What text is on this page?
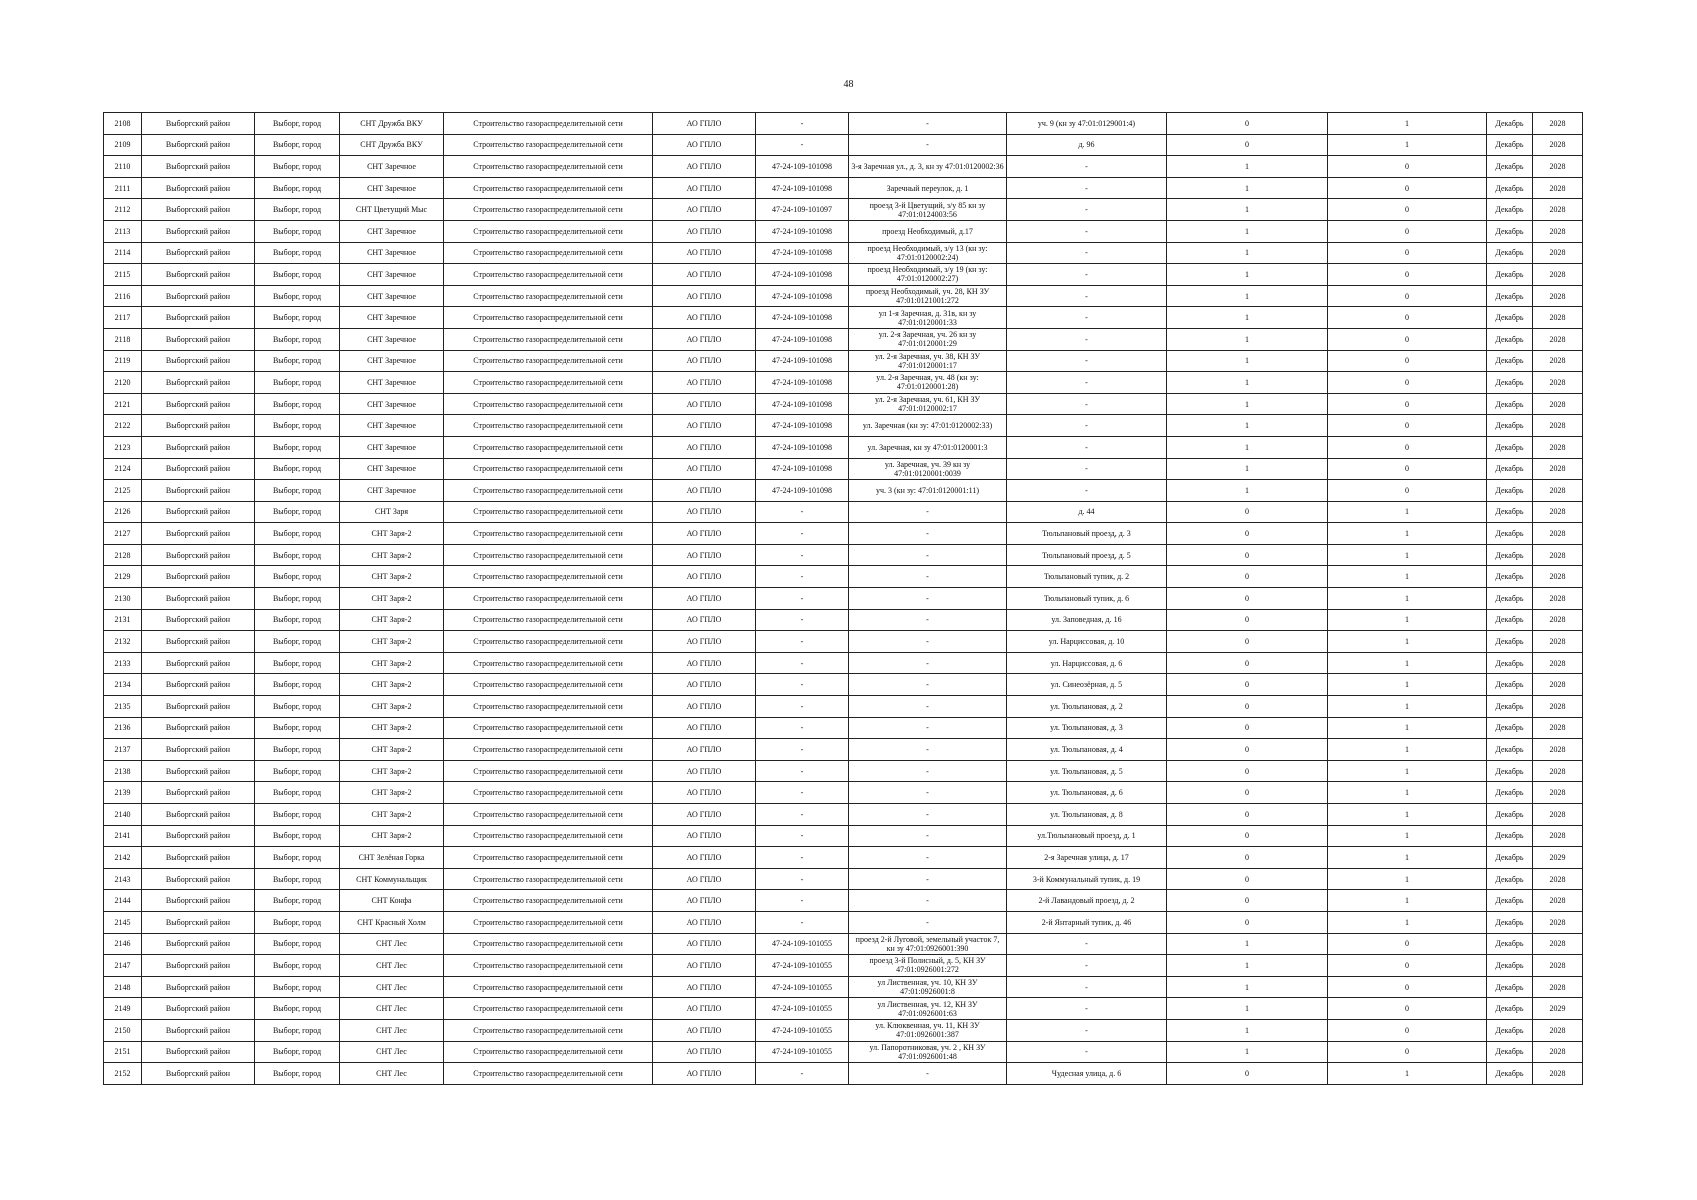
48
2108	Выборгский район	Выборг, город	СНТ Дружба ВКУ	Строительство газораспределительной сети	АО ГПЛО	-	-	уч. 9 (кн зу 47:01:0129001:4)	0	1	Декабрь	2028
2109	Выборгский район	Выборг, город	СНТ Дружба ВКУ	Строительство газораспределительной сети	АО ГПЛО	-	-	д. 96	0	1	Декабрь	2028
2110	Выборгский район	Выборг, город	СНТ Заречное	Строительство газораспределительной сети	АО ГПЛО	47-24-109-101098	3-я Заречная ул., д. 3, кн зу 47:01:0120002:36	-	1	0	Декабрь	2028
2111	Выборгский район	Выборг, город	СНТ Заречное	Строительство газораспределительной сети	АО ГПЛО	47-24-109-101098	Заречный переулок, д. 1	-	1	0	Декабрь	2028
2112	Выборгский район	Выборг, город	СНТ Цветущий Мыс	Строительство газораспределительной сети	АО ГПЛО	47-24-109-101097	проезд 3-й Цветущий, з/у 85 кн зу 47:01:0124003:56	-	1	0	Декабрь	2028
2113	Выборгский район	Выборг, город	СНТ Заречное	Строительство газораспределительной сети	АО ГПЛО	47-24-109-101098	проезд Необходимый, д.17	-	1	0	Декабрь	2028
2114	Выборгский район	Выборг, город	СНТ Заречное	Строительство газораспределительной сети	АО ГПЛО	47-24-109-101098	проезд Необходимый, з/у 13 (кн зу: 47:01:0120002:24)	-	1	0	Декабрь	2028
2115	Выборгский район	Выборг, город	СНТ Заречное	Строительство газораспределительной сети	АО ГПЛО	47-24-109-101098	проезд Необходимый, з/у 19 (кн зу: 47:01:0120002:27)	-	1	0	Декабрь	2028
2116	Выборгский район	Выборг, город	СНТ Заречное	Строительство газораспределительной сети	АО ГПЛО	47-24-109-101098	проезд Необходимый, уч. 28, КН ЗУ 47:01:0121001:272	-	1	0	Декабрь	2028
2117	Выборгский район	Выборг, город	СНТ Заречное	Строительство газораспределительной сети	АО ГПЛО	47-24-109-101098	ул 1-я Заречная, д. 31в, кн зу 47:01:0120001:33	-	1	0	Декабрь	2028
2118	Выборгский район	Выборг, город	СНТ Заречное	Строительство газораспределительной сети	АО ГПЛО	47-24-109-101098	ул. 2-я Заречная, уч. 26 кн зу 47:01:0120001:29	-	1	0	Декабрь	2028
2119	Выборгский район	Выборг, город	СНТ Заречное	Строительство газораспределительной сети	АО ГПЛО	47-24-109-101098	ул. 2-я Заречная, уч. 38, КН ЗУ 47:01:0120001:17	-	1	0	Декабрь	2028
2120	Выборгский район	Выборг, город	СНТ Заречное	Строительство газораспределительной сети	АО ГПЛО	47-24-109-101098	ул. 2-я Заречная, уч. 48 (кн зу: 47:01:0120001:28)	-	1	0	Декабрь	2028
2121	Выборгский район	Выборг, город	СНТ Заречное	Строительство газораспределительной сети	АО ГПЛО	47-24-109-101098	ул. 2-я Заречная, уч. 61, КН ЗУ 47:01:0120002:17	-	1	0	Декабрь	2028
2122	Выборгский район	Выборг, город	СНТ Заречное	Строительство газораспределительной сети	АО ГПЛО	47-24-109-101098	ул. Заречная (кн зу: 47:01:0120002:33)	-	1	0	Декабрь	2028
2123	Выборгский район	Выборг, город	СНТ Заречное	Строительство газораспределительной сети	АО ГПЛО	47-24-109-101098	ул. Заречная, кн зу 47:01:0120001:3	-	1	0	Декабрь	2028
2124	Выборгский район	Выборг, город	СНТ Заречное	Строительство газораспределительной сети	АО ГПЛО	47-24-109-101098	ул. Заречная, уч. 39 кн зу 47:01:0120001:0039	-	1	0	Декабрь	2028
2125	Выборгский район	Выборг, город	СНТ Заречное	Строительство газораспределительной сети	АО ГПЛО	47-24-109-101098	уч. 3 (кн зу: 47:01:0120001:11)	-	1	0	Декабрь	2028
2126	Выборгский район	Выборг, город	СНТ Заря	Строительство газораспределительной сети	АО ГПЛО	-	-	д. 44	0	1	Декабрь	2028
2127	Выборгский район	Выборг, город	СНТ Заря-2	Строительство газораспределительной сети	АО ГПЛО	-	-	Тюльпановый проезд, д. 3	0	1	Декабрь	2028
2128	Выборгский район	Выборг, город	СНТ Заря-2	Строительство газораспределительной сети	АО ГПЛО	-	-	Тюльпановый проезд, д. 5	0	1	Декабрь	2028
2129	Выборгский район	Выборг, город	СНТ Заря-2	Строительство газораспределительной сети	АО ГПЛО	-	-	Тюльпановый тупик, д. 2	0	1	Декабрь	2028
2130	Выборгский район	Выборг, город	СНТ Заря-2	Строительство газораспределительной сети	АО ГПЛО	-	-	Тюльпановый тупик, д. 6	0	1	Декабрь	2028
2131	Выборгский район	Выборг, город	СНТ Заря-2	Строительство газораспределительной сети	АО ГПЛО	-	-	ул. Заповедная, д. 16	0	1	Декабрь	2028
2132	Выборгский район	Выборг, город	СНТ Заря-2	Строительство газораспределительной сети	АО ГПЛО	-	-	ул. Нарциссовая, д. 10	0	1	Декабрь	2028
2133	Выборгский район	Выборг, город	СНТ Заря-2	Строительство газораспределительной сети	АО ГПЛО	-	-	ул. Нарциссовая, д. 6	0	1	Декабрь	2028
2134	Выборгский район	Выборг, город	СНТ Заря-2	Строительство газораспределительной сети	АО ГПЛО	-	-	ул. Синеозёрная, д. 5	0	1	Декабрь	2028
2135	Выборгский район	Выборг, город	СНТ Заря-2	Строительство газораспределительной сети	АО ГПЛО	-	-	ул. Тюльпановая, д. 2	0	1	Декабрь	2028
2136	Выборгский район	Выборг, город	СНТ Заря-2	Строительство газораспределительной сети	АО ГПЛО	-	-	ул. Тюльпановая, д. 3	0	1	Декабрь	2028
2137	Выборгский район	Выборг, город	СНТ Заря-2	Строительство газораспределительной сети	АО ГПЛО	-	-	ул. Тюльпановая, д. 4	0	1	Декабрь	2028
2138	Выборгский район	Выборг, город	СНТ Заря-2	Строительство газораспределительной сети	АО ГПЛО	-	-	ул. Тюльпановая, д. 5	0	1	Декабрь	2028
2139	Выборгский район	Выборг, город	СНТ Заря-2	Строительство газораспределительной сети	АО ГПЛО	-	-	ул. Тюльпановая, д. 6	0	1	Декабрь	2028
2140	Выборгский район	Выборг, город	СНТ Заря-2	Строительство газораспределительной сети	АО ГПЛО	-	-	ул. Тюльпановая, д. 8	0	1	Декабрь	2028
2141	Выборгский район	Выборг, город	СНТ Заря-2	Строительство газораспределительной сети	АО ГПЛО	-	-	ул.Тюльпановый проезд, д. 1	0	1	Декабрь	2028
2142	Выборгский район	Выборг, город	СНТ Зелёная Горка	Строительство газораспределительной сети	АО ГПЛО	-	-	2-я Заречная улица, д. 17	0	1	Декабрь	2029
2143	Выборгский район	Выборг, город	СНТ Коммунальщик	Строительство газораспределительной сети	АО ГПЛО	-	-	3-й Коммунальный тупик, д. 19	0	1	Декабрь	2028
2144	Выборгский район	Выборг, город	СНТ Конфа	Строительство газораспределительной сети	АО ГПЛО	-	-	2-й Лавандовый проезд, д. 2	0	1	Декабрь	2028
2145	Выборгский район	Выборг, город	СНТ Красный Холм	Строительство газораспределительной сети	АО ГПЛО	-	-	2-й Янтарный тупик, д. 46	0	1	Декабрь	2028
2146	Выборгский район	Выборг, город	СНТ Лес	Строительство газораспределительной сети	АО ГПЛО	47-24-109-101055	проезд 2-й Луговой, земельный участок 7, кн зу 47:01:0926001:390	-	1	0	Декабрь	2028
2147	Выборгский район	Выборг, город	СНТ Лес	Строительство газораспределительной сети	АО ГПЛО	47-24-109-101055	проезд 3-й Полисный, д. 5, КН ЗУ 47:01:0926001:272	-	1	0	Декабрь	2028
2148	Выборгский район	Выборг, город	СНТ Лес	Строительство газораспределительной сети	АО ГПЛО	47-24-109-101055	ул Лиственная, уч. 10, КН ЗУ 47:01:0926001:8	-	1	0	Декабрь	2028
2149	Выборгский район	Выборг, город	СНТ Лес	Строительство газораспределительной сети	АО ГПЛО	47-24-109-101055	ул Лиственная, уч. 12, КН ЗУ 47:01:0926001:63	-	1	0	Декабрь	2029
2150	Выборгский район	Выборг, город	СНТ Лес	Строительство газораспределительной сети	АО ГПЛО	47-24-109-101055	ул. Клюквенная, уч. 11, КН ЗУ 47:01:0926001:387	-	1	0	Декабрь	2028
2151	Выборгский район	Выборг, город	СНТ Лес	Строительство газораспределительной сети	АО ГПЛО	47-24-109-101055	ул. Папоротниковая, уч. 2 , КН ЗУ 47:01:0926001:48	-	1	0	Декабрь	2028
2152	Выборгский район	Выборг, город	СНТ Лес	Строительство газораспределительной сети	АО ГПЛО	-	-	Чудесная улица, д. 6	0	1	Декабрь	2028
